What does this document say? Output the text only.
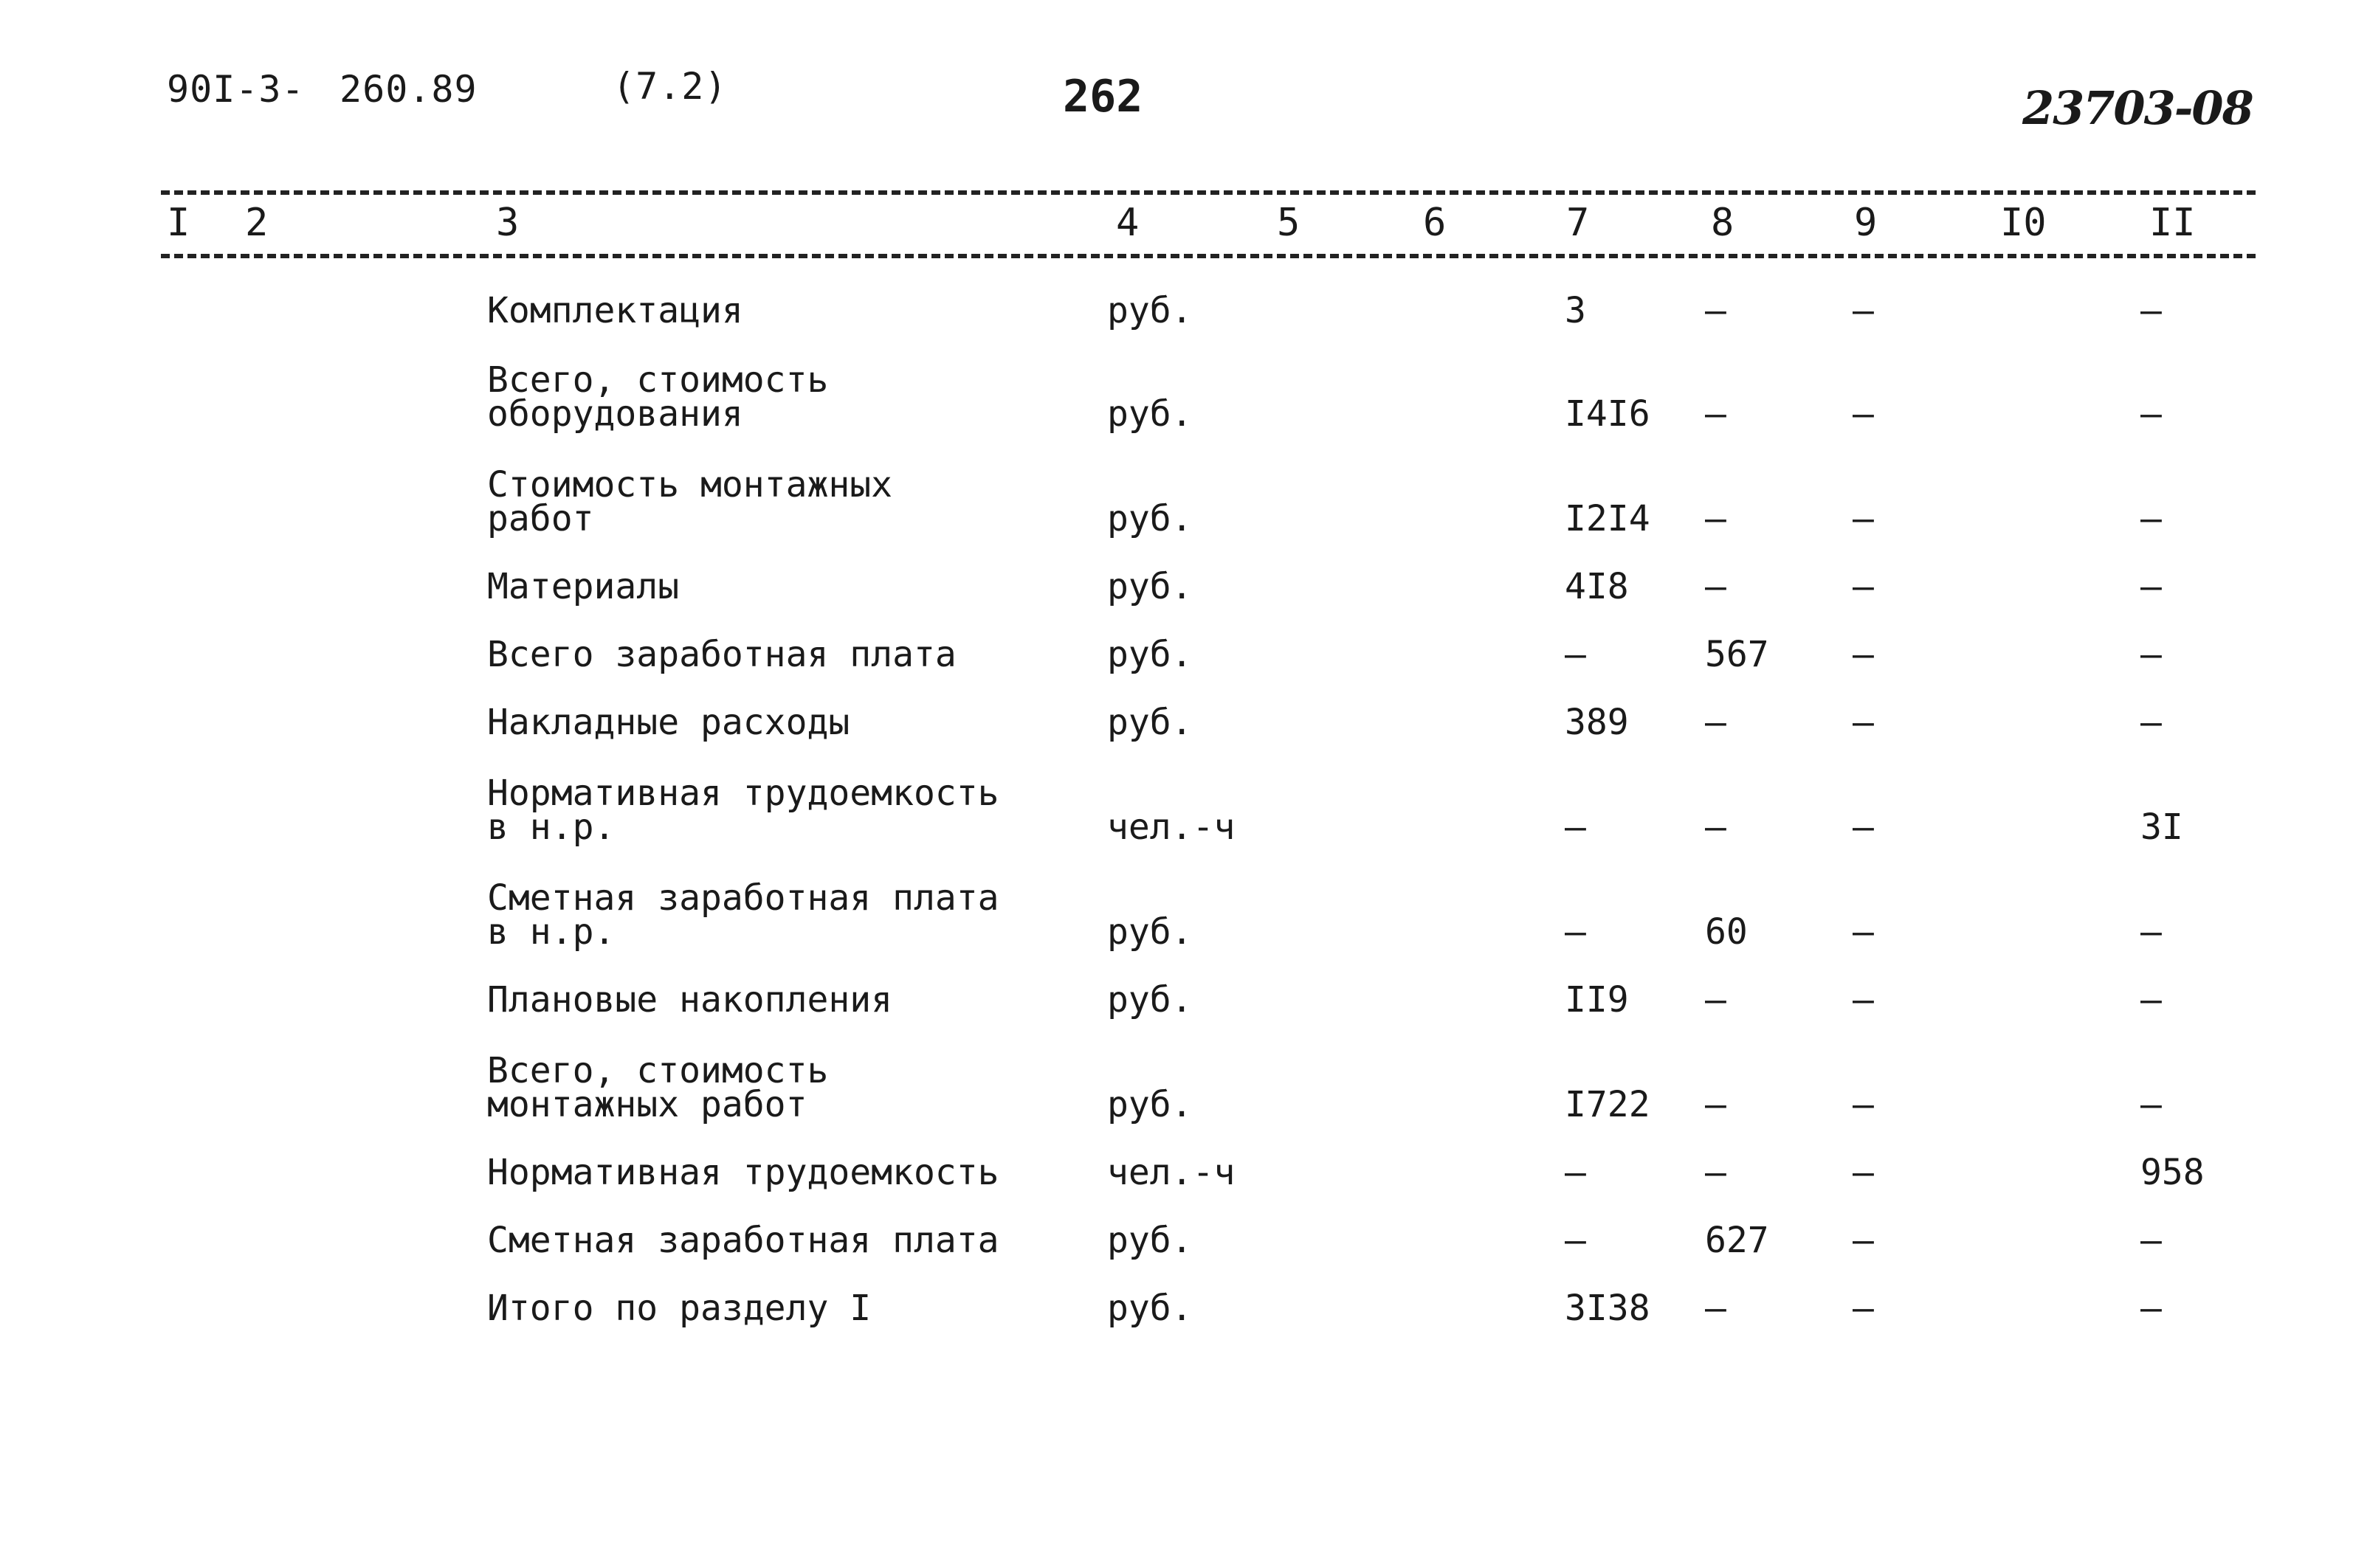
90I-3- 260.89	(7.2)	262	23703-08
I 2	3	4	5	6	7	8	9	I0	II
Комплектация	руб.	3	–	–	–
Всего, стоимость
оборудования	руб.	I4I6 –	–	–
Стоимость монтажных
работ	руб.	I2I4 –	–	–
Материалы	руб.	4I8 –	–	–
Всего заработная плата	руб.	–	567 –	–
Накладные расходы	руб.	389 –	–	–
Нормативная трудоемкость
в н.р.	чел.-ч	–	–	–	3I
Сметная заработная плата
в н.р.	руб.	–	60	–	–
Плановые накопления	руб.	II9 –	–	–
Всего, стоимость
монтажных работ	руб.	I722 –	–	–
Нормативная трудоемкость	чел.-ч	–	–	–	958
Сметная заработная плата	руб.	–	627 –	–
Итого по разделу I	руб.	3I38 –	–	–
